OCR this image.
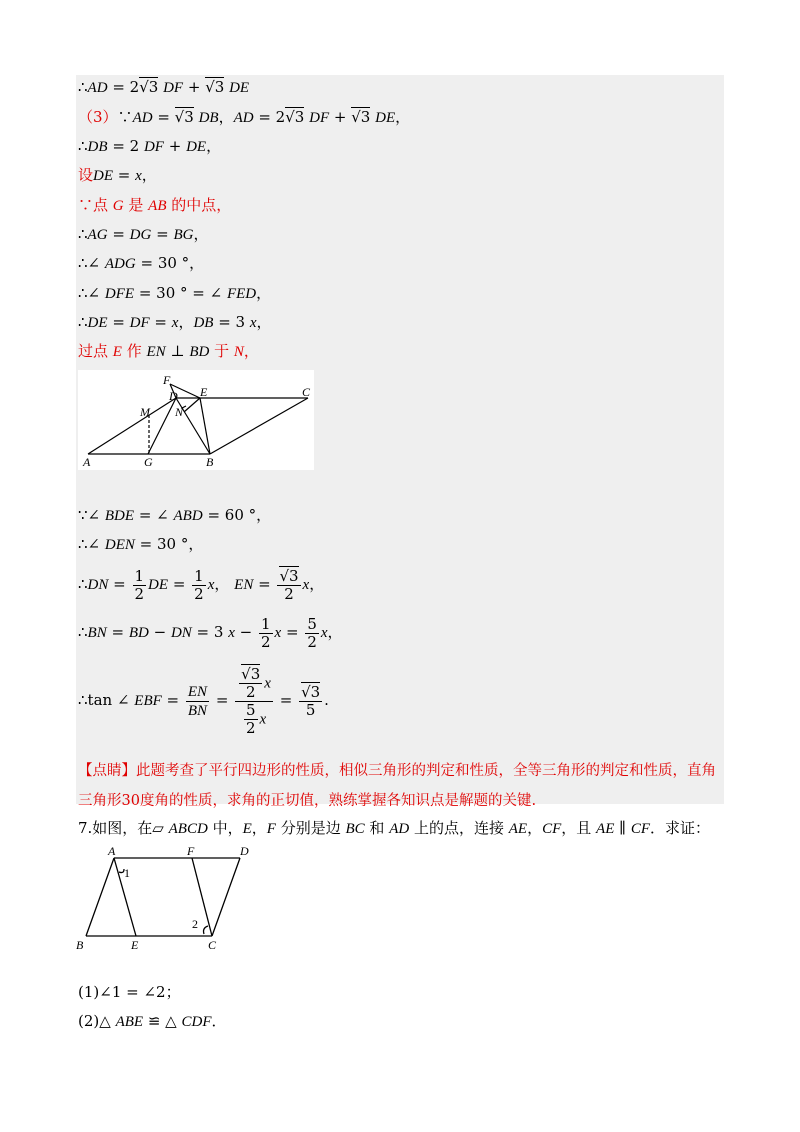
∴AD = 2√3 DF + √3 DE
（3）∵AD = √3 DB，AD = 2√3 DF + √3 DE，
∴DB = 2 DF + DE，
设DE = x，
∵点 G 是 AB 的中点，
∴AG = DG = BG，
∴∠ ADG = 30 °，
∴∠ DFE = 30 ° = ∠ FED，
∴DE = DF = x，DB = 3 x，
过点 E 作 EN ⊥ BD 于 N，
F
D E	C
M N
A	G	B
∵∠ BDE = ∠ ABD = 60 °，
∴∠ DEN = 30 °，
∴DN = $\frac{1}{2}$ DE = $\frac{1}{2}$ x， EN = $\frac{√3}{2}$ x，
∴BN = BD − DN = 3 $x - \frac{1}{2}$ $x = \frac{5}{2}$ x，
∴tan ∠ EBF = $\frac{EN}{BN} = \frac{\frac{√3}{2} x}{\frac{5}{2} x} = \frac{√3}{5}$ .
【点睛】此题考查了平行四边形的性质，相似三角形的判定和性质，全等三角形的判定和性质，直角三角形30度角的性质，求角的正切值，熟练掌握各知识点是解题的关键.
7.如图，在▱ ABCD 中，E，F 分别是边 BC 和 AD 上的点，连接 AE，CF，且 AE ∥ CF．求证：
A	F	D
1
2
B	E	C
(1)∠1 = ∠2；
(2)△ ABE ≌ △ CDF．
